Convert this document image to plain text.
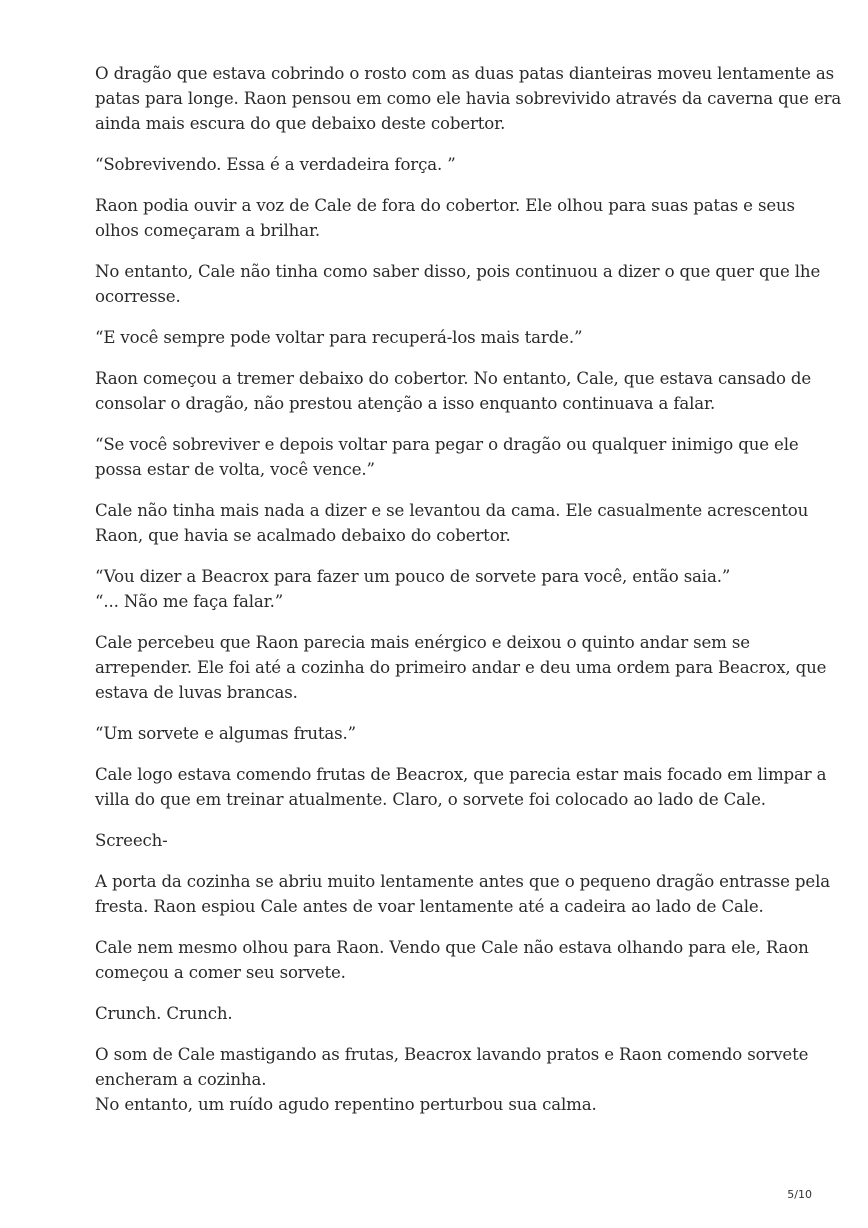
O dragão que estava cobrindo o rosto com as duas patas dianteiras moveu lentamente as
patas para longe. Raon pensou em como ele havia sobrevivido através da caverna que era
ainda mais escura do que debaixo deste cobertor.

“Sobrevivendo. Essa é a verdadeira força. ”

Raon podia ouvir a voz de Cale de fora do cobertor. Ele olhou para suas patas e seus
olhos começaram a brilhar.

No entanto, Cale não tinha como saber disso, pois continuou a dizer o que quer que lhe
ocorresse.

“E você sempre pode voltar para recuperá-los mais tarde.”

Raon começou a tremer debaixo do cobertor. No entanto, Cale, que estava cansado de
consolar o dragão, não prestou atenção a isso enquanto continuava a falar.

“Se você sobreviver e depois voltar para pegar o dragão ou qualquer inimigo que ele
possa estar de volta, você vence.”

Cale não tinha mais nada a dizer e se levantou da cama. Ele casualmente acrescentou
Raon, que havia se acalmado debaixo do cobertor.

“Vou dizer a Beacrox para fazer um pouco de sorvete para você, então saia.”
“... Não me faça falar.”

Cale percebeu que Raon parecia mais enérgico e deixou o quinto andar sem se
arrepender. Ele foi até a cozinha do primeiro andar e deu uma ordem para Beacrox, que
estava de luvas brancas.

“Um sorvete e algumas frutas.”

Cale logo estava comendo frutas de Beacrox, que parecia estar mais focado em limpar a
villa do que em treinar atualmente. Claro, o sorvete foi colocado ao lado de Cale.

Screech-

A porta da cozinha se abriu muito lentamente antes que o pequeno dragão entrasse pela
fresta. Raon espiou Cale antes de voar lentamente até a cadeira ao lado de Cale.

Cale nem mesmo olhou para Raon. Vendo que Cale não estava olhando para ele, Raon
começou a comer seu sorvete.

Crunch. Crunch.

O som de Cale mastigando as frutas, Beacrox lavando pratos e Raon comendo sorvete
encheram a cozinha.
No entanto, um ruído agudo repentino perturbou sua calma.

5/10
